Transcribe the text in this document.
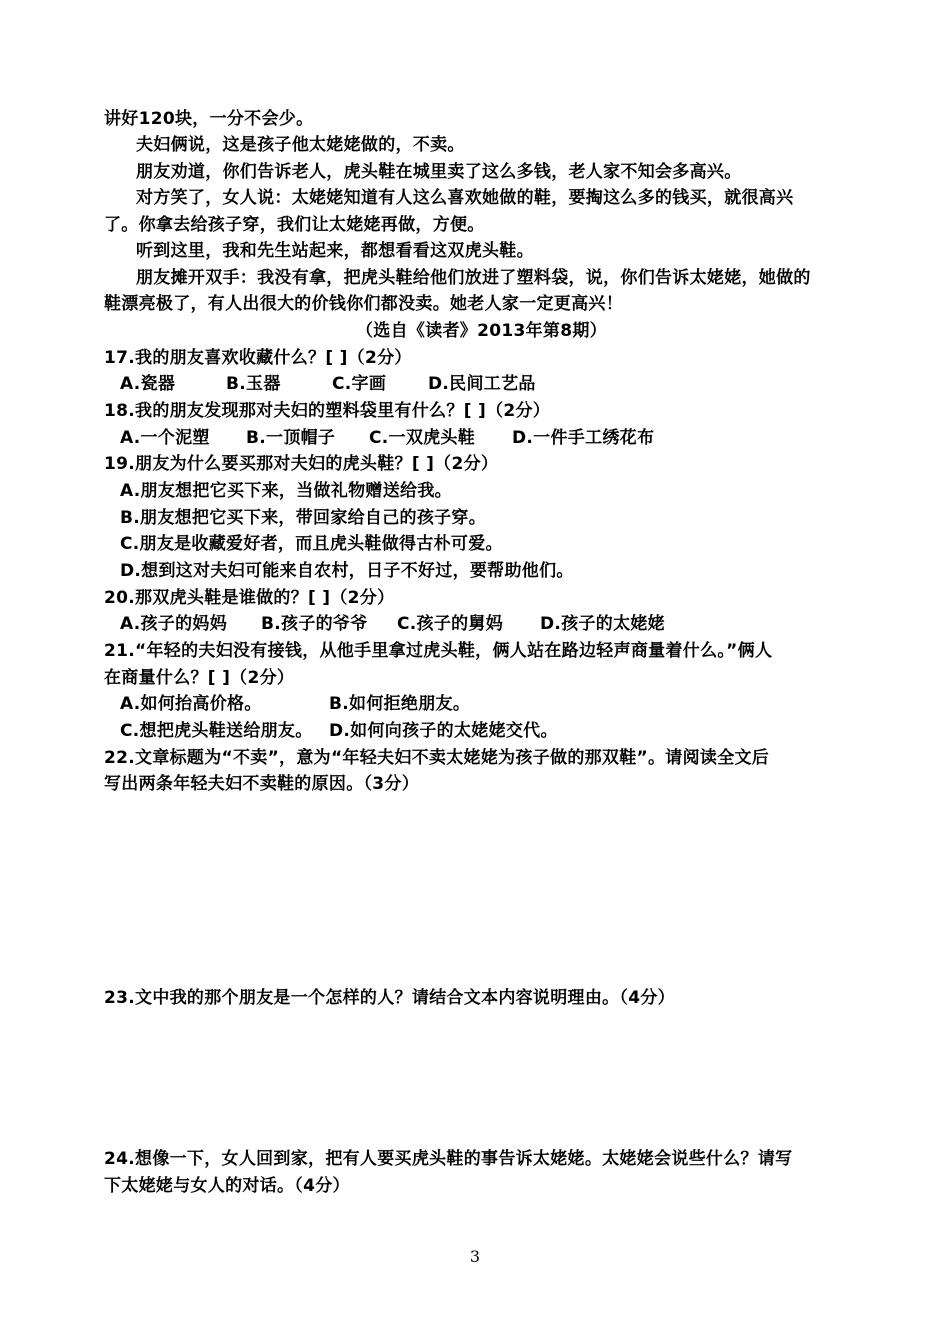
讲好120块，一分不会少。
夫妇俩说，这是孩子他太姥姥做的，不卖。
朋友劝道，你们告诉老人，虎头鞋在城里卖了这么多钱，老人家不知会多高兴。
对方笑了，女人说：太姥姥知道有人这么喜欢她做的鞋，要掏这么多的钱买，就很高兴
了。你拿去给孩子穿，我们让太姥姥再做，方便。
听到这里，我和先生站起来，都想看看这双虎头鞋。
朋友摊开双手：我没有拿，把虎头鞋给他们放进了塑料袋，说，你们告诉太姥姥，她做的
鞋漂亮极了，有人出很大的价钱你们都没卖。她老人家一定更高兴！
（选自《读者》2013年第8期）
17.我的朋友喜欢收藏什么？[ ]（2分）
A.瓷器	B.玉器	C.字画 D.民间工艺品
18.我的朋友发现那对夫妇的塑料袋里有什么？[ ]（2分）
A.一个泥塑 B.一顶帽子 C.一双虎头鞋 D.一件手工绣花布
19.朋友为什么要买那对夫妇的虎头鞋？[ ]（2分）
A.朋友想把它买下来，当做礼物赠送给我。
B.朋友想把它买下来，带回家给自己的孩子穿。
C.朋友是收藏爱好者，而且虎头鞋做得古朴可爱。
D.想到这对夫妇可能来自农村，日子不好过，要帮助他们。
20.那双虎头鞋是谁做的？[ ]（2分）
A.孩子的妈妈 B.孩子的爷爷 C.孩子的舅妈 D.孩子的太姥姥
21.“年轻的夫妇没有接钱，从他手里拿过虎头鞋，俩人站在路边轻声商量着什么。”俩人
在商量什么？[ ]（2分）
A.如何抬高价格。	B.如何拒绝朋友。
C.想把虎头鞋送给朋友。 D.如何向孩子的太姥姥交代。
22.文章标题为“不卖”，意为“年轻夫妇不卖太姥姥为孩子做的那双鞋”。请阅读全文后
写出两条年轻夫妇不卖鞋的原因。（3分）
23.文中我的那个朋友是一个怎样的人？请结合文本内容说明理由。（4分）
24.想像一下，女人回到家，把有人要买虎头鞋的事告诉太姥姥。太姥姥会说些什么？请写
下太姥姥与女人的对话。（4分）
3
